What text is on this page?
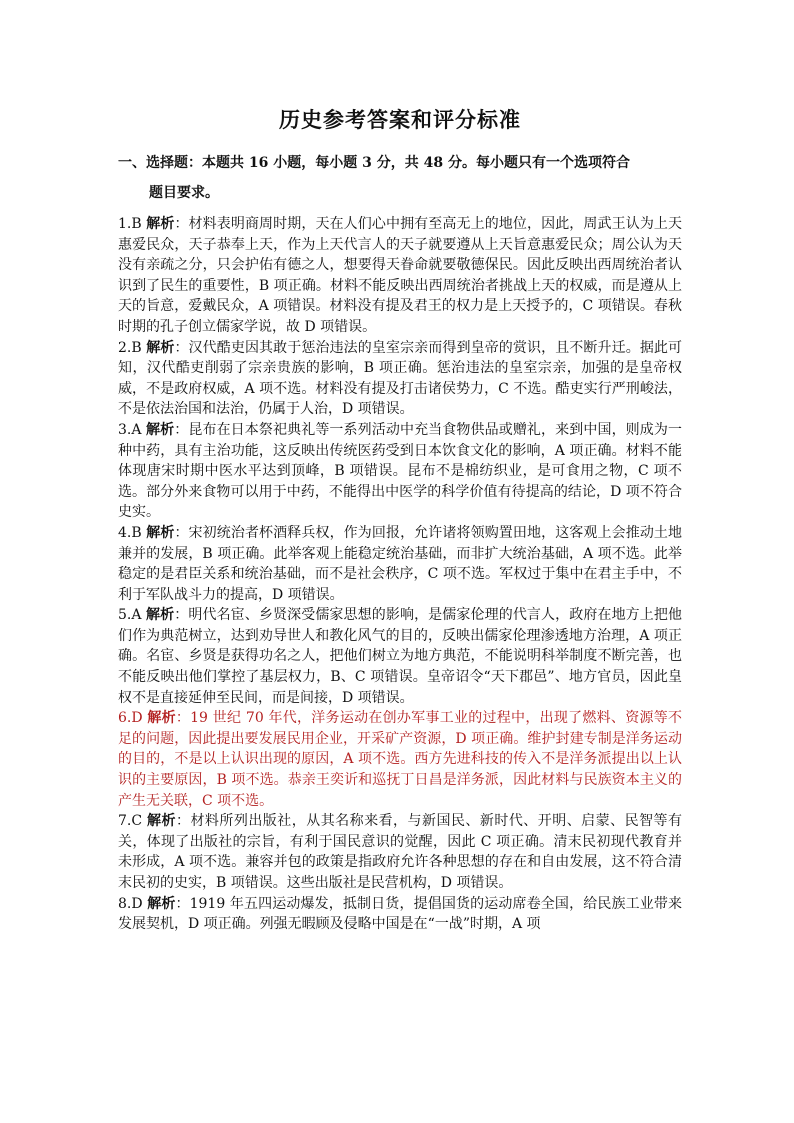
历史参考答案和评分标准
一、选择题：本题共 16 小题，每小题 3 分，共 48 分。每小题只有一个选项符合
题目要求。

1.B 解析：材料表明商周时期，天在人们心中拥有至高无上的地位，因此，周武王认为上天惠爱民众，天子恭奉上天，作为上天代言人的天子就要遵从上天旨意惠爱民众；周公认为天没有亲疏之分，只会护佑有德之人，想要得天眷命就要敬德保民。因此反映出西周统治者认识到了民生的重要性，B 项正确。材料不能反映出西周统治者挑战上天的权威，而是遵从上天的旨意，爱戴民众，A 项错误。材料没有提及君王的权力是上天授予的，C 项错误。春秋时期的孔子创立儒家学说，故 D 项错误。

2.B 解析：汉代酷吏因其敢于惩治违法的皇室宗亲而得到皇帝的赏识，且不断升迁。据此可知，汉代酷吏削弱了宗亲贵族的影响，B 项正确。惩治违法的皇室宗亲，加强的是皇帝权威，不是政府权威，A 项不选。材料没有提及打击诸侯势力，C 不选。酷吏实行严刑峻法，不是依法治国和法治，仍属于人治，D 项错误。

3.A 解析：昆布在日本祭祀典礼等一系列活动中充当食物供品或赠礼，来到中国，则成为一种中药，具有主治功能，这反映出传统医药受到日本饮食文化的影响，A 项正确。材料不能体现唐宋时期中医水平达到顶峰，B 项错误。昆布不是棉纺织业，是可食用之物，C 项不选。部分外来食物可以用于中药，不能得出中医学的科学价值有待提高的结论，D 项不符合史实。

4.B 解析：宋初统治者杯酒释兵权，作为回报，允许诸将领购置田地，这客观上会推动土地兼并的发展，B 项正确。此举客观上能稳定统治基础，而非扩大统治基础，A 项不选。此举稳定的是君臣关系和统治基础，而不是社会秩序，C 项不选。军权过于集中在君主手中，不利于军队战斗力的提高，D 项错误。

5.A 解析：明代名宦、乡贤深受儒家思想的影响，是儒家伦理的代言人，政府在地方上把他们作为典范树立，达到劝导世人和教化风气的目的，反映出儒家伦理渗透地方治理，A 项正确。名宦、乡贤是获得功名之人，把他们树立为地方典范，不能说明科举制度不断完善，也不能反映出他们掌控了基层权力，B、C 项错误。皇帝诏令“天下郡邑”、地方官员，因此皇权不是直接延伸至民间，而是间接，D 项错误。

6.D 解析：19 世纪 70 年代，洋务运动在创办军事工业的过程中，出现了燃料、资源等不足的问题，因此提出要发展民用企业，开采矿产资源，D 项正确。维护封建专制是洋务运动的目的，不是以上认识出现的原因，A 项不选。西方先进科技的传入不是洋务派提出以上认识的主要原因，B 项不选。恭亲王奕䜣和巡抚丁日昌是洋务派，因此材料与民族资本主义的产生无关联，C 项不选。

7.C 解析：材料所列出版社，从其名称来看，与新国民、新时代、开明、启蒙、民智等有关，体现了出版社的宗旨，有利于国民意识的觉醒，因此 C 项正确。清末民初现代教育并未形成，A 项不选。兼容并包的政策是指政府允许各种思想的存在和自由发展，这不符合清末民初的史实，B 项错误。这些出版社是民营机构，D 项错误。

8.D 解析：1919 年五四运动爆发，抵制日货，提倡国货的运动席卷全国，给民族工业带来发展契机，D 项正确。列强无暇顾及侵略中国是在“一战”时期，A 项
